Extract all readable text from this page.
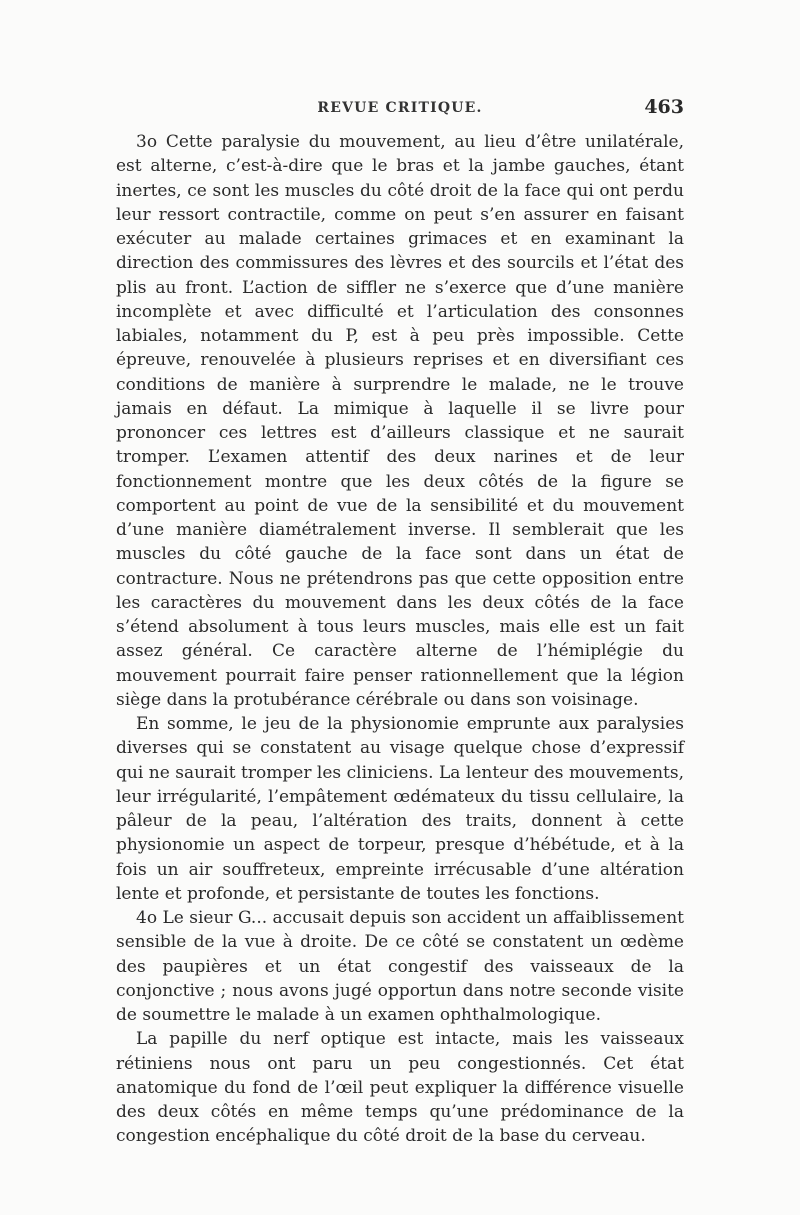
REVUE CRITIQUE.	463

3o Cette paralysie du mouvement, au lieu d’être unilatérale, est alterne, c’est-à-dire que le bras et la jambe gauches, étant inertes, ce sont les muscles du côté droit de la face qui ont perdu leur ressort contractile, comme on peut s’en assurer en faisant exécuter au malade certaines grimaces et en examinant la direction des commissures des lèvres et des sourcils et l’état des plis au front. L’action de siffler ne s’exerce que d’une manière incomplète et avec difficulté et l’articulation des consonnes labiales, notamment du P, est à peu près impossible. Cette épreuve, renouvelée à plusieurs reprises et en diversifiant ces conditions de manière à surprendre le malade, ne le trouve jamais en défaut. La mimique à laquelle il se livre pour prononcer ces lettres est d’ailleurs classique et ne saurait tromper. L’examen attentif des deux narines et de leur fonctionnement montre que les deux côtés de la figure se comportent au point de vue de la sensibilité et du mouvement d’une manière diamétralement inverse. Il semblerait que les muscles du côté gauche de la face sont dans un état de contracture. Nous ne prétendrons pas que cette opposition entre les caractères du mouvement dans les deux côtés de la face s’étend absolument à tous leurs muscles, mais elle est un fait assez général. Ce caractère alterne de l’hémiplégie du mouvement pourrait faire penser rationnellement que la légion siège dans la protubérance cérébrale ou dans son voisinage.

En somme, le jeu de la physionomie emprunte aux paralysies diverses qui se constatent au visage quelque chose d’expressif qui ne saurait tromper les cliniciens. La lenteur des mouvements, leur irrégularité, l’empâtement œdémateux du tissu cellulaire, la pâleur de la peau, l’altération des traits, donnent à cette physionomie un aspect de torpeur, presque d’hébétude, et à la fois un air souffreteux, empreinte irrécusable d’une altération lente et profonde, et persistante de toutes les fonctions.

4o Le sieur G... accusait depuis son accident un affaiblissement sensible de la vue à droite. De ce côté se constatent un œdème des paupières et un état congestif des vaisseaux de la conjonctive ; nous avons jugé opportun dans notre seconde visite de soumettre le malade à un examen ophthalmologique.

La papille du nerf optique est intacte, mais les vaisseaux rétiniens nous ont paru un peu congestionnés. Cet état anatomique du fond de l’œil peut expliquer la différence visuelle des deux côtés en même temps qu’une prédominance de la congestion encéphalique du côté droit de la base du cerveau.
